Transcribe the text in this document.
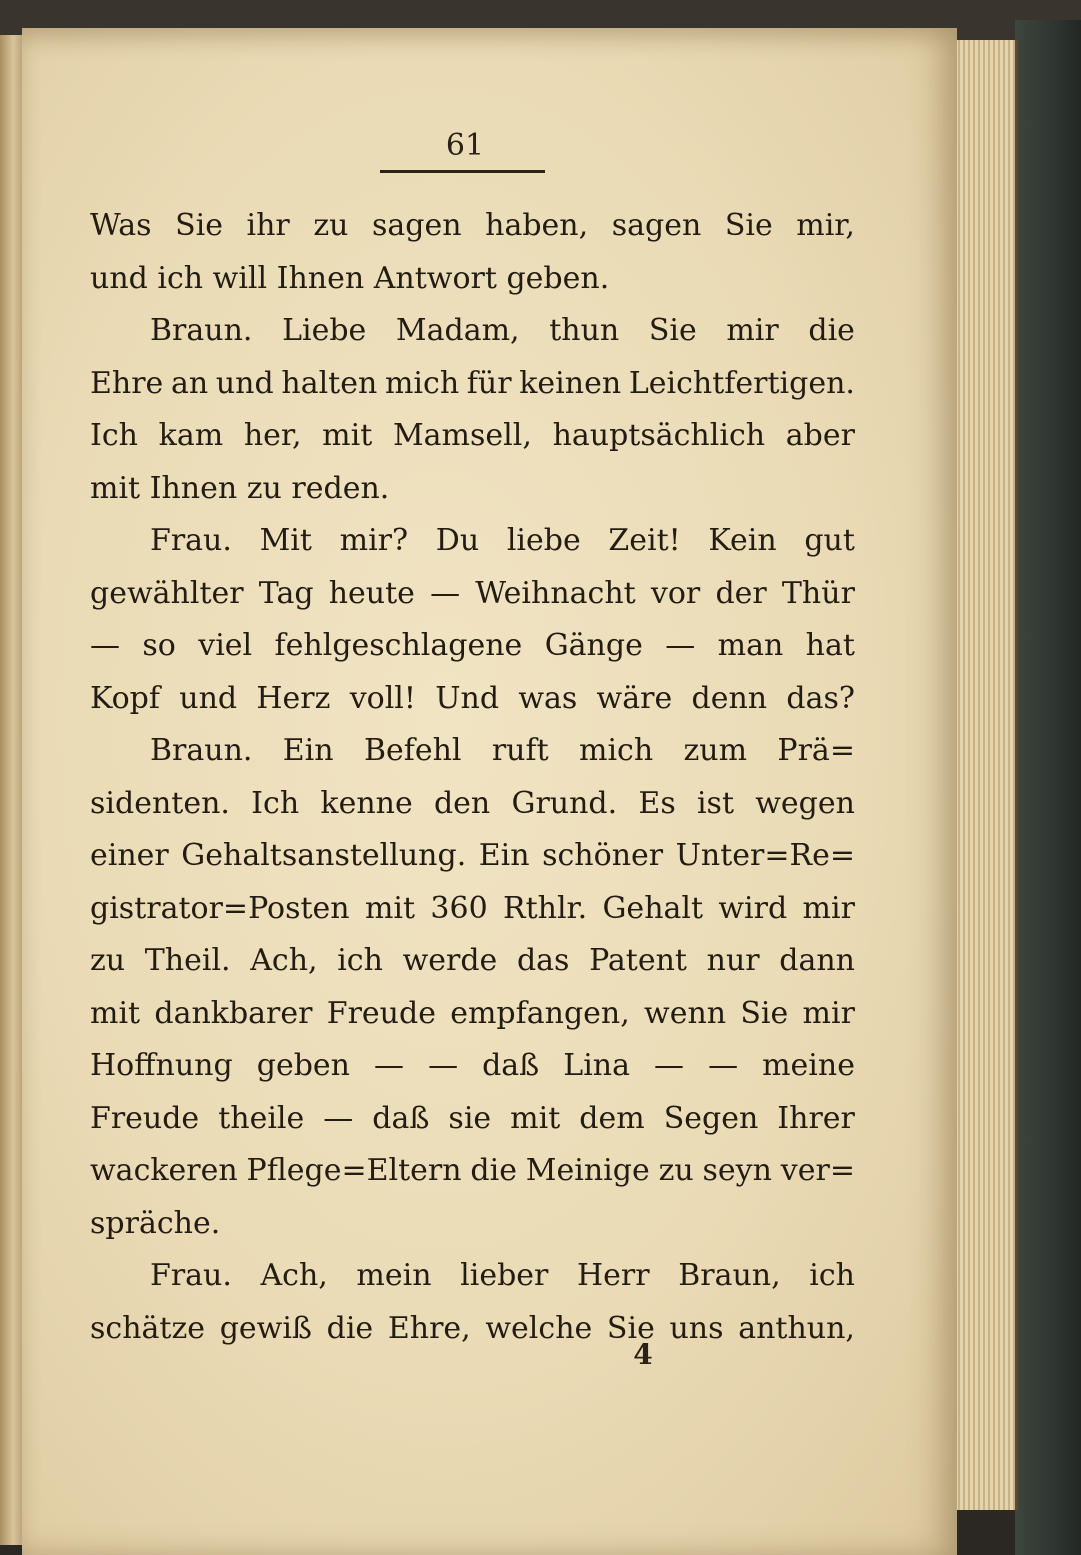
61
Was Sie ihr zu sagen haben, sagen Sie mir,
und ich will Ihnen Antwort geben.
Braun. Liebe Madam, thun Sie mir die
Ehre an und halten mich für keinen Leichtfertigen.
Ich kam her, mit Mamsell, hauptsächlich aber
mit Ihnen zu reden.
Frau. Mit mir? Du liebe Zeit! Kein gut
gewählter Tag heute — Weihnacht vor der Thür
— so viel fehlgeschlagene Gänge — man hat
Kopf und Herz voll! Und was wäre denn das?
Braun. Ein Befehl ruft mich zum Prä=
sidenten. Ich kenne den Grund. Es ist wegen
einer Gehaltsanstellung. Ein schöner Unter=Re=
gistrator=Posten mit 360 Rthlr. Gehalt wird mir
zu Theil. Ach, ich werde das Patent nur dann
mit dankbarer Freude empfangen, wenn Sie mir
Hoffnung geben — — daß Lina — — meine
Freude theile — daß sie mit dem Segen Ihrer
wackeren Pflege=Eltern die Meinige zu seyn ver=
spräche.
Frau. Ach, mein lieber Herr Braun, ich
schätze gewiß die Ehre, welche Sie uns anthun,
4
